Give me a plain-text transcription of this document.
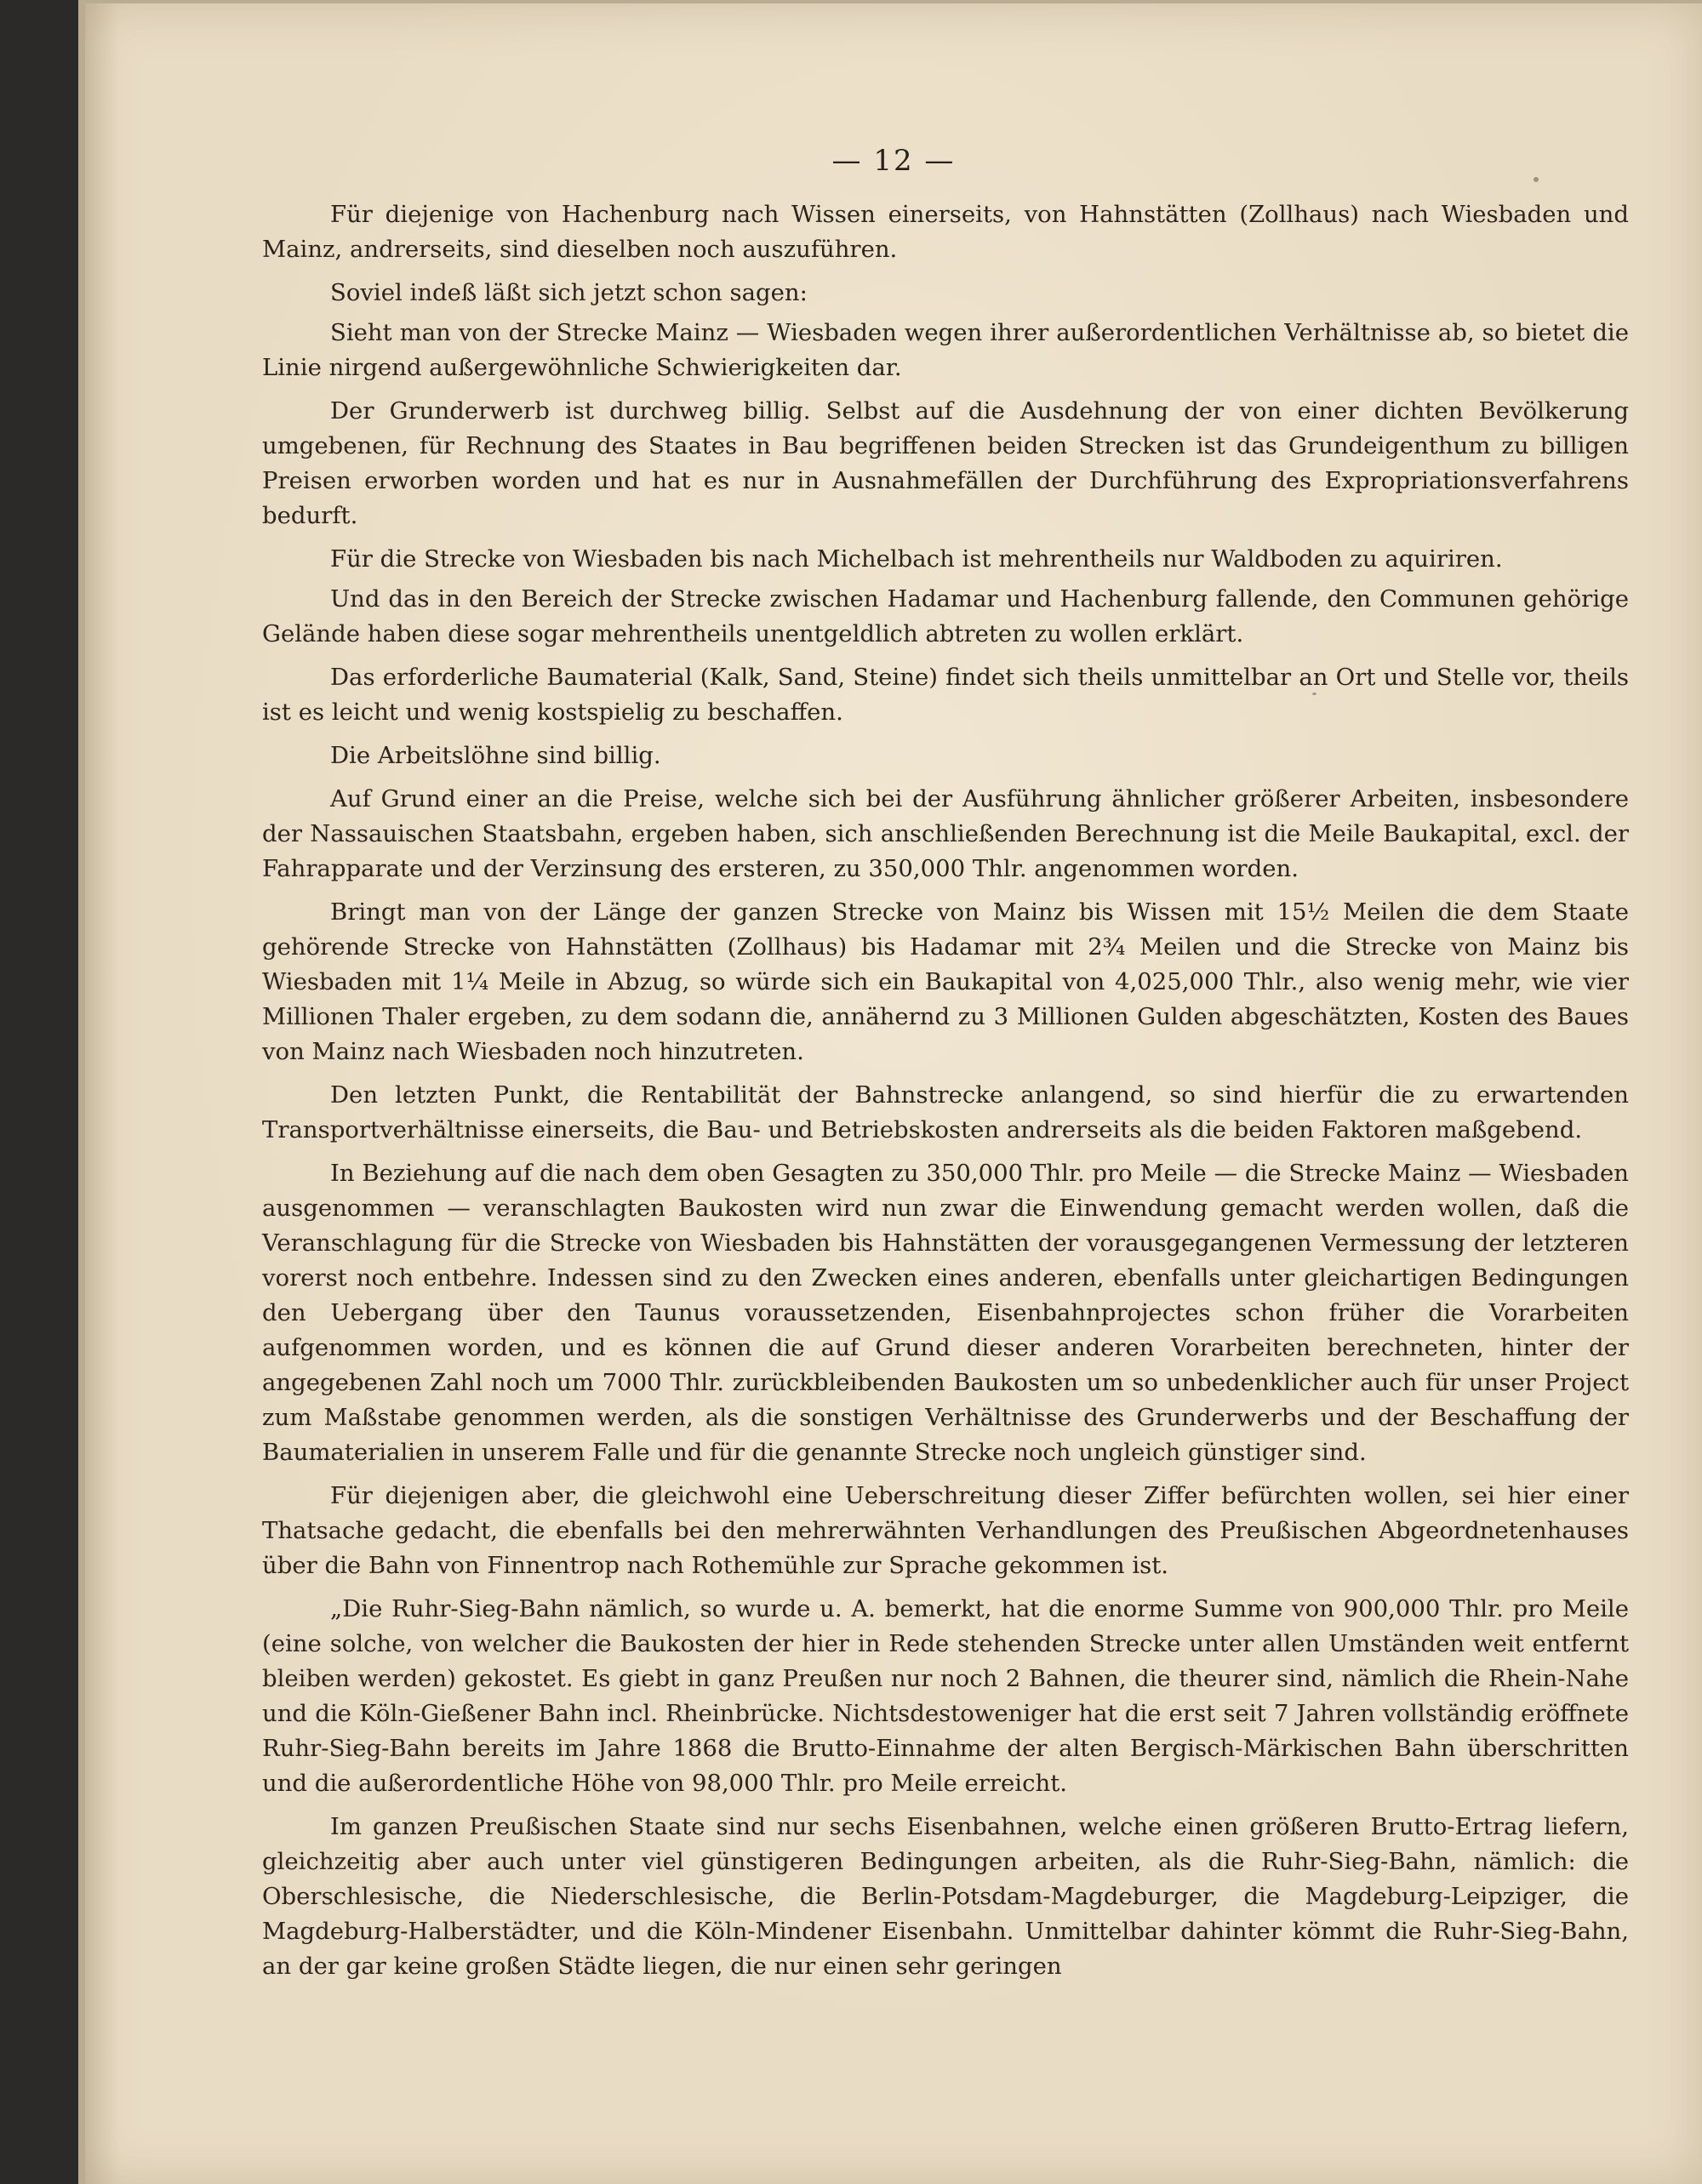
— 12 —

Für diejenige von Hachenburg nach Wissen einerseits, von Hahnstätten (Zollhaus) nach Wiesbaden und Mainz, andrerseits, sind dieselben noch auszuführen.

Soviel indeß läßt sich jetzt schon sagen:

Sieht man von der Strecke Mainz — Wiesbaden wegen ihrer außerordentlichen Verhältnisse ab, so bietet die Linie nirgend außergewöhnliche Schwierigkeiten dar.

Der Grunderwerb ist durchweg billig. Selbst auf die Ausdehnung der von einer dichten Bevölkerung umgebenen, für Rechnung des Staates in Bau begriffenen beiden Strecken ist das Grundeigenthum zu billigen Preisen erworben worden und hat es nur in Ausnahmefällen der Durchführung des Expropriationsverfahrens bedurft.

Für die Strecke von Wiesbaden bis nach Michelbach ist mehrentheils nur Waldboden zu aquiriren.

Und das in den Bereich der Strecke zwischen Hadamar und Hachenburg fallende, den Communen gehörige Gelände haben diese sogar mehrentheils unentgeldlich abtreten zu wollen erklärt.

Das erforderliche Baumaterial (Kalk, Sand, Steine) findet sich theils unmittelbar an Ort und Stelle vor, theils ist es leicht und wenig kostspielig zu beschaffen.

Die Arbeitslöhne sind billig.

Auf Grund einer an die Preise, welche sich bei der Ausführung ähnlicher größerer Arbeiten, insbesondere der Nassauischen Staatsbahn, ergeben haben, sich anschließenden Berechnung ist die Meile Baukapital, excl. der Fahrapparate und der Verzinsung des ersteren, zu 350,000 Thlr. angenommen worden.

Bringt man von der Länge der ganzen Strecke von Mainz bis Wissen mit 15½ Meilen die dem Staate gehörende Strecke von Hahnstätten (Zollhaus) bis Hadamar mit 2¾ Meilen und die Strecke von Mainz bis Wiesbaden mit 1¼ Meile in Abzug, so würde sich ein Baukapital von 4,025,000 Thlr., also wenig mehr, wie vier Millionen Thaler ergeben, zu dem sodann die, annähernd zu 3 Millionen Gulden abgeschätzten, Kosten des Baues von Mainz nach Wiesbaden noch hinzutreten.

Den letzten Punkt, die Rentabilität der Bahnstrecke anlangend, so sind hierfür die zu erwartenden Transportverhältnisse einerseits, die Bau- und Betriebskosten andrerseits als die beiden Faktoren maßgebend.

In Beziehung auf die nach dem oben Gesagten zu 350,000 Thlr. pro Meile — die Strecke Mainz — Wiesbaden ausgenommen — veranschlagten Baukosten wird nun zwar die Einwendung gemacht werden wollen, daß die Veranschlagung für die Strecke von Wiesbaden bis Hahnstätten der vorausgegangenen Vermessung der letzteren vorerst noch entbehre. Indessen sind zu den Zwecken eines anderen, ebenfalls unter gleichartigen Bedingungen den Uebergang über den Taunus voraussetzenden, Eisenbahnprojectes schon früher die Vorarbeiten aufgenommen worden, und es können die auf Grund dieser anderen Vorarbeiten berechneten, hinter der angegebenen Zahl noch um 7000 Thlr. zurückbleibenden Baukosten um so unbedenklicher auch für unser Project zum Maßstabe genommen werden, als die sonstigen Verhältnisse des Grunderwerbs und der Beschaffung der Baumaterialien in unserem Falle und für die genannte Strecke noch ungleich günstiger sind.

Für diejenigen aber, die gleichwohl eine Ueberschreitung dieser Ziffer befürchten wollen, sei hier einer Thatsache gedacht, die ebenfalls bei den mehrerwähnten Verhandlungen des Preußischen Abgeordnetenhauses über die Bahn von Finnentrop nach Rothemühle zur Sprache gekommen ist.

„Die Ruhr-Sieg-Bahn nämlich, so wurde u. A. bemerkt, hat die enorme Summe von 900,000 Thlr. pro Meile (eine solche, von welcher die Baukosten der hier in Rede stehenden Strecke unter allen Umständen weit entfernt bleiben werden) gekostet. Es giebt in ganz Preußen nur noch 2 Bahnen, die theurer sind, nämlich die Rhein-Nahe und die Köln-Gießener Bahn incl. Rheinbrücke. Nichtsdestoweniger hat die erst seit 7 Jahren vollständig eröffnete Ruhr-Sieg-Bahn bereits im Jahre 1868 die Brutto-Einnahme der alten Bergisch-Märkischen Bahn überschritten und die außerordentliche Höhe von 98,000 Thlr. pro Meile erreicht.

Im ganzen Preußischen Staate sind nur sechs Eisenbahnen, welche einen größeren Brutto-Ertrag liefern, gleichzeitig aber auch unter viel günstigeren Bedingungen arbeiten, als die Ruhr-Sieg-Bahn, nämlich: die Oberschlesische, die Niederschlesische, die Berlin-Potsdam-Magdeburger, die Magdeburg-Leipziger, die Magdeburg-Halberstädter, und die Köln-Mindener Eisenbahn. Unmittelbar dahinter kömmt die Ruhr-Sieg-Bahn, an der gar keine großen Städte liegen, die nur einen sehr geringen
